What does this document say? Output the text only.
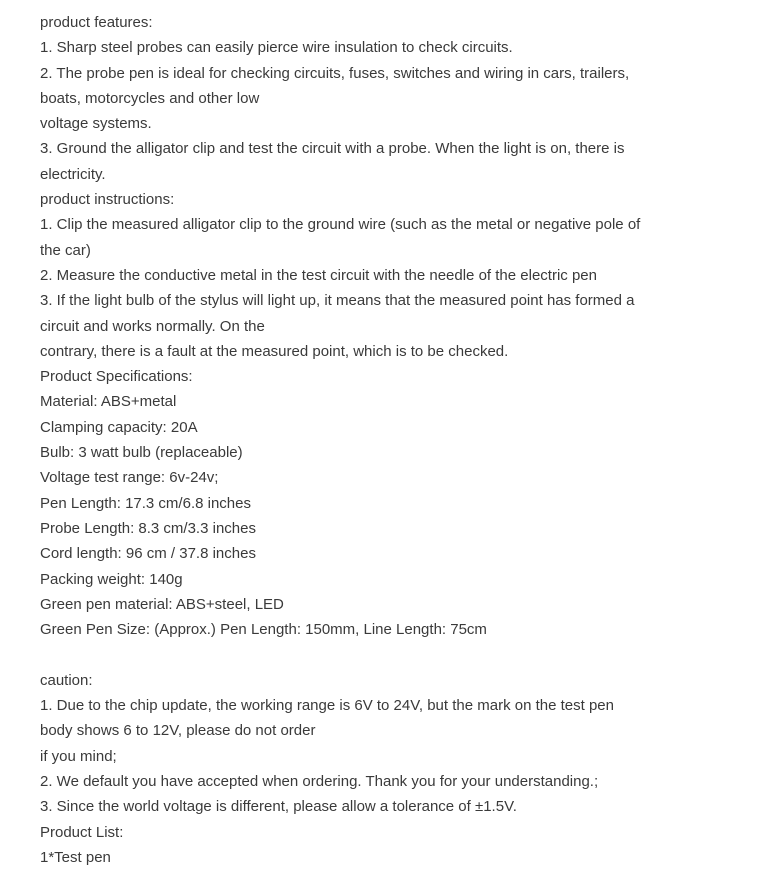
product features:

1. Sharp steel probes can easily pierce wire insulation to check circuits.

2. The probe pen is ideal for checking circuits, fuses, switches and wiring in cars, trailers,

boats, motorcycles and other low

voltage systems.

3. Ground the alligator clip and test the circuit with a probe. When the light is on, there is

electricity.

product instructions:

1. Clip the measured alligator clip to the ground wire (such as the metal or negative pole of

the car)

2. Measure the conductive metal in the test circuit with the needle of the electric pen

3. If the light bulb of the stylus will light up, it means that the measured point has formed a

circuit and works normally. On the

contrary, there is a fault at the measured point, which is to be checked.

Product Specifications:

Material: ABS+metal

Clamping capacity: 20A

Bulb: 3 watt bulb (replaceable)

Voltage test range: 6v-24v;

Pen Length: 17.3 cm/6.8 inches

Probe Length: 8.3 cm/3.3 inches

Cord length: 96 cm / 37.8 inches

Packing weight: 140g

Green pen material: ABS+steel, LED

Green Pen Size: (Approx.) Pen Length: 150mm, Line Length: 75cm

caution:

1. Due to the chip update, the working range is 6V to 24V, but the mark on the test pen

body shows 6 to 12V, please do not order

if you mind;

2. We default you have accepted when ordering. Thank you for your understanding.;

3. Since the world voltage is different, please allow a tolerance of ±1.5V.

Product List:

1*Test pen
